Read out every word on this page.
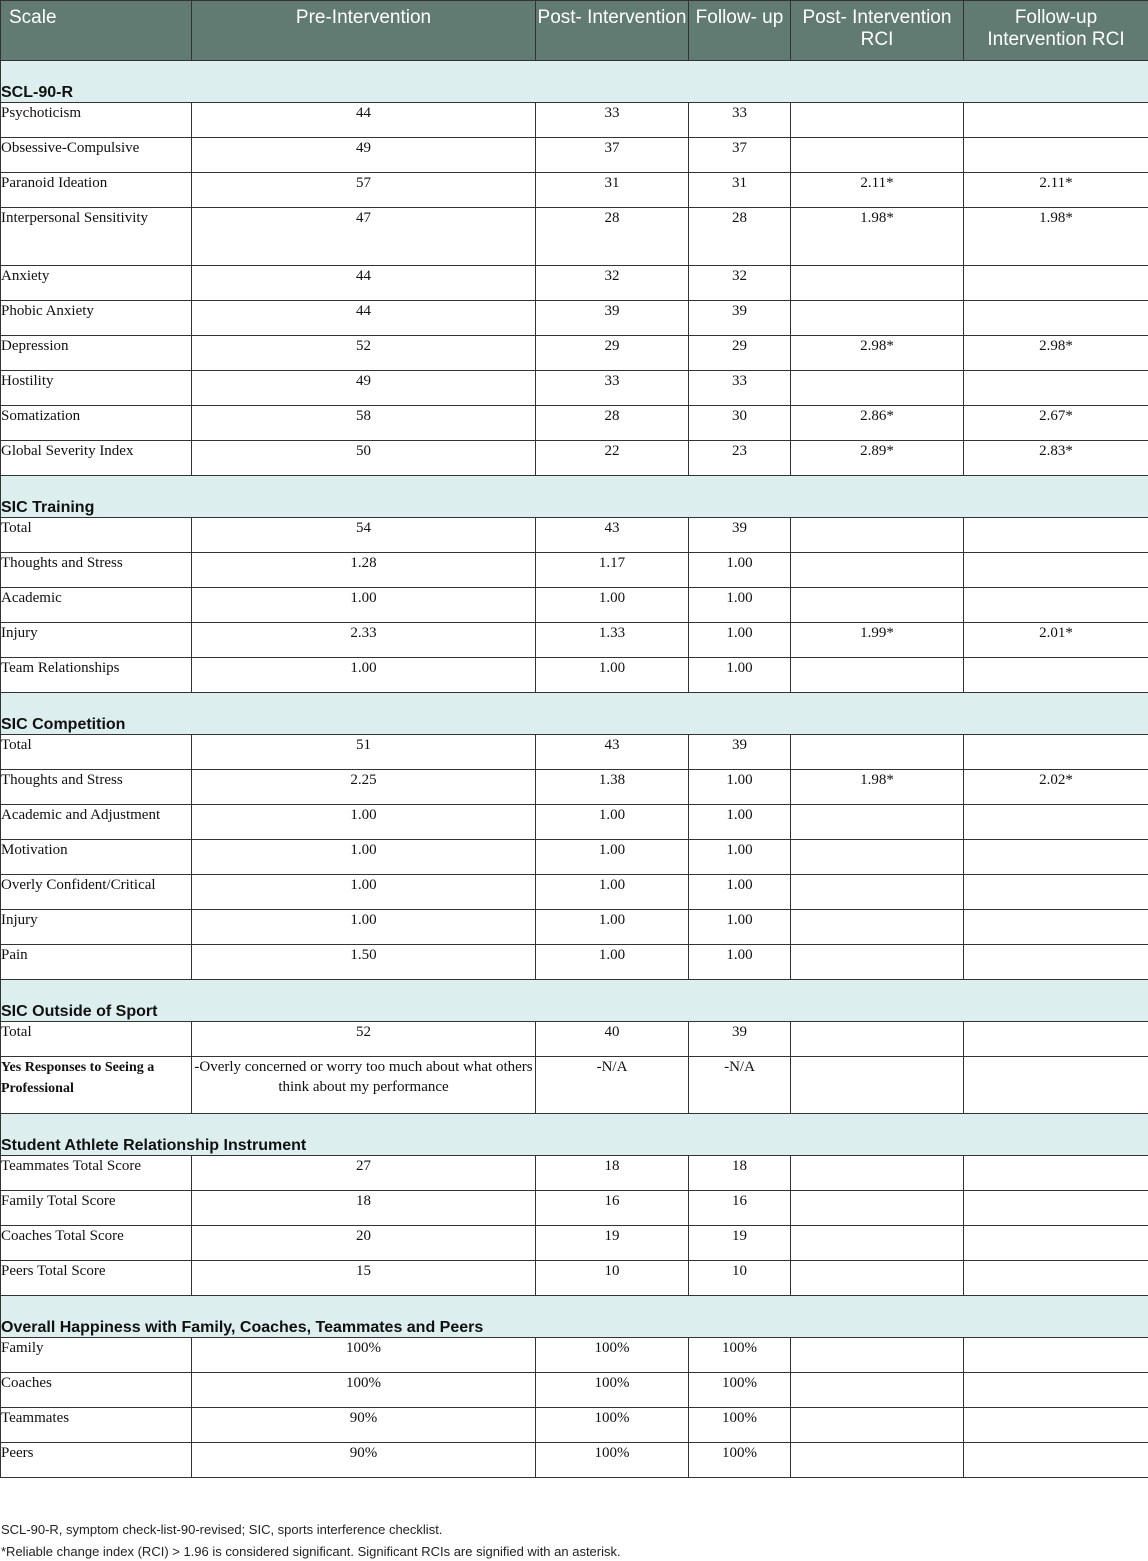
Scale	Pre-Intervention	Post- Intervention	Follow- up	Post- Intervention RCI	Follow-up Intervention RCI
SCL-90-R					
Psychoticism	44	33	33		
Obsessive-Compulsive	49	37	37		
Paranoid Ideation	57	31	31	2.11*	2.11*
Interpersonal Sensitivity	47	28	28	1.98*	1.98*
Anxiety	44	32	32		
Phobic Anxiety	44	39	39		
Depression	52	29	29	2.98*	2.98*
Hostility	49	33	33		
Somatization	58	28	30	2.86*	2.67*
Global Severity Index	50	22	23	2.89*	2.83*
SIC Training					
Total	54	43	39		
Thoughts and Stress	1.28	1.17	1.00		
Academic	1.00	1.00	1.00		
Injury	2.33	1.33	1.00	1.99*	2.01*
Team Relationships	1.00	1.00	1.00		
SIC Competition					
Total	51	43	39		
Thoughts and Stress	2.25	1.38	1.00	1.98*	2.02*
Academic and Adjustment	1.00	1.00	1.00		
Motivation	1.00	1.00	1.00		
Overly Confident/Critical	1.00	1.00	1.00		
Injury	1.00	1.00	1.00		
Pain	1.50	1.00	1.00		
SIC Outside of Sport					
Total	52	40	39		
Yes Responses to Seeing a Professional	-Overly concerned or worry too much about what others think about my performance	-N/A	-N/A		
Student Athlete Relationship Instrument					
Teammates Total Score	27	18	18		
Family Total Score	18	16	16		
Coaches Total Score	20	19	19		
Peers Total Score	15	10	10		
Overall Happiness with Family, Coaches, Teammates and Peers					
Family	100%	100%	100%		
Coaches	100%	100%	100%		
Teammates	90%	100%	100%		
Peers	90%	100%	100%		
SCL-90-R, symptom check-list-90-revised; SIC, sports interference checklist.
*Reliable change index (RCI) > 1.96 is considered significant. Significant RCIs are signified with an asterisk.
